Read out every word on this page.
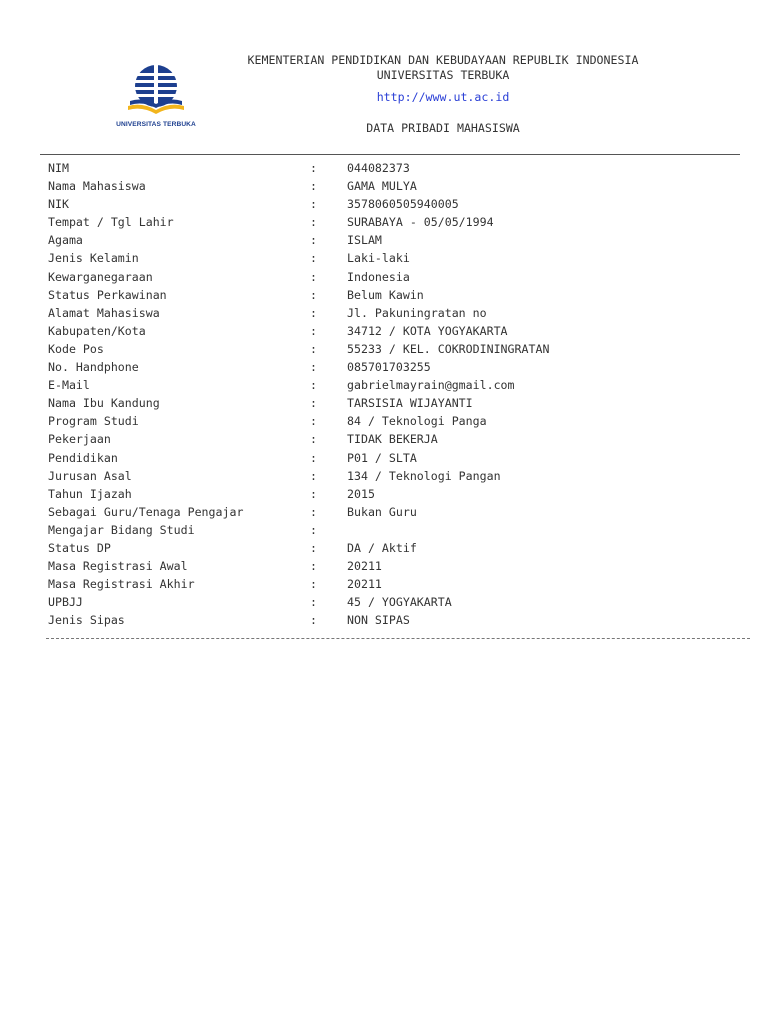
UNIVERSITAS TERBUKA
KEMENTERIAN PENDIDIKAN DAN KEBUDAYAAN REPUBLIK INDONESIA
UNIVERSITAS TERBUKA
http://www.ut.ac.id
DATA PRIBADI MAHASISWA
NIM	:	044082373
Nama Mahasiswa	:	GAMA MULYA
NIK	:	3578060505940005
Tempat / Tgl Lahir	:	SURABAYA - 05/05/1994
Agama	:	ISLAM
Jenis Kelamin	:	Laki-laki
Kewarganegaraan	:	Indonesia
Status Perkawinan	:	Belum Kawin
Alamat Mahasiswa	:	Jl. Pakuningratan no
Kabupaten/Kota	:	34712 / KOTA YOGYAKARTA
Kode Pos	:	55233 / KEL. COKRODININGRATAN
No. Handphone	:	085701703255
E-Mail	:	gabrielmayrain@gmail.com
Nama Ibu Kandung	:	TARSISIA WIJAYANTI
Program Studi	:	84 / Teknologi Panga
Pekerjaan	:	TIDAK BEKERJA
Pendidikan	:	P01 / SLTA
Jurusan Asal	:	134 / Teknologi Pangan
Tahun Ijazah	:	2015
Sebagai Guru/Tenaga Pengajar	:	Bukan Guru
Mengajar Bidang Studi	:
Status DP	:	DA / Aktif
Masa Registrasi Awal	:	20211
Masa Registrasi Akhir	:	20211
UPBJJ	:	45 / YOGYAKARTA
Jenis Sipas	:	NON SIPAS
